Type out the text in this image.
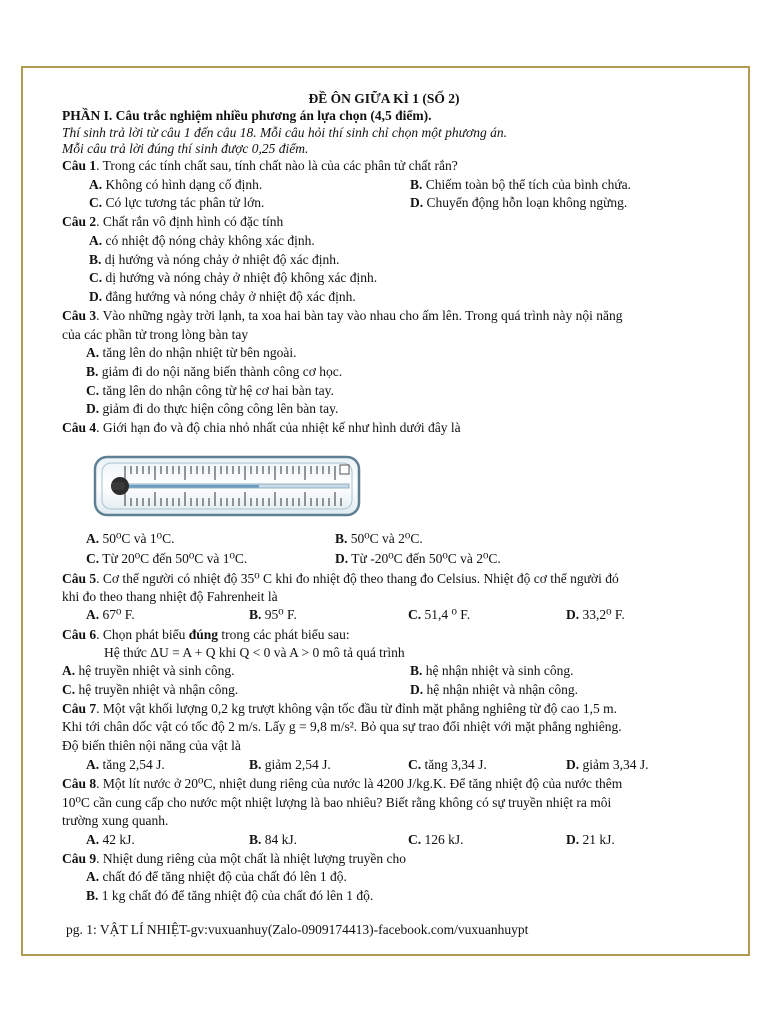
ĐỀ ÔN GIỮA KÌ 1 (SỐ 2)
PHẦN I. Câu trắc nghiệm nhiều phương án lựa chọn (4,5 điểm).
Thí sinh trả lời từ câu 1 đến câu 18. Mỗi câu hỏi thí sinh chỉ chọn một phương án.
Mỗi câu trả lời đúng thí sinh được 0,25 điểm.
Câu 1. Trong các tính chất sau, tính chất nào là của các phân tử chất rắn?
A. Không có hình dạng cố định.	B. Chiếm toàn bộ thể tích của bình chứa.
C. Có lực tương tác phân tử lớn.	D. Chuyển động hỗn loạn không ngừng.
Câu 2. Chất rắn vô định hình có đặc tính
A. có nhiệt độ nóng chảy không xác định.
B. dị hướng và nóng chảy ở nhiệt độ xác định.
C. dị hướng và nóng chảy ở nhiệt độ không xác định.
D. đẳng hướng và nóng chảy ở nhiệt độ xác định.
Câu 3. Vào những ngày trời lạnh, ta xoa hai bàn tay vào nhau cho ấm lên. Trong quá trình này nội năng
của các phần tử trong lòng bàn tay
A. tăng lên do nhận nhiệt từ bên ngoài.
B. giảm đi do nội năng biến thành công cơ học.
C. tăng lên do nhận công từ hệ cơ hai bàn tay.
D. giảm đi do thực hiện công công lên bàn tay.
Câu 4. Giới hạn đo và độ chia nhỏ nhất của nhiệt kế như hình dưới đây là
A. 50⁰C và 1⁰C.	B. 50⁰C và 2⁰C.
C. Từ 20⁰C đến 50⁰C và 1⁰C.	D. Từ -20⁰C đến 50⁰C và 2⁰C.
Câu 5. Cơ thể người có nhiệt độ 35⁰ C khi đo nhiệt độ theo thang đo Celsius. Nhiệt độ cơ thể người đó
khi đo theo thang nhiệt độ Fahrenheit là
A. 67⁰ F.	B. 95⁰ F.	C. 51,4 ⁰ F.	D. 33,2⁰ F.
Câu 6. Chọn phát biểu đúng trong các phát biểu sau:
Hệ thức ΔU = A + Q khi Q < 0 và A > 0 mô tả quá trình
A. hệ truyền nhiệt và sinh công.	B. hệ nhận nhiệt và sinh công.
C. hệ truyền nhiệt và nhận công.	D. hệ nhận nhiệt và nhận công.
Câu 7. Một vật khối lượng 0,2 kg trượt không vận tốc đầu từ đỉnh mặt phẳng nghiêng từ độ cao 1,5 m.
Khi tới chân dốc vật có tốc độ 2 m/s. Lấy g = 9,8 m/s². Bỏ qua sự trao đổi nhiệt với mặt phẳng nghiêng.
Độ biến thiên nội năng của vật là
A. tăng 2,54 J.	B. giảm 2,54 J.	C. tăng 3,34 J.	D. giảm 3,34 J.
Câu 8. Một lít nước ở 20⁰C, nhiệt dung riêng của nước là 4200 J/kg.K. Để tăng nhiệt độ của nước thêm
10⁰C cần cung cấp cho nước một nhiệt lượng là bao nhiêu? Biết rằng không có sự truyền nhiệt ra môi
trường xung quanh.
A. 42 kJ.	B. 84 kJ.	C. 126 kJ.	D. 21 kJ.
Câu 9. Nhiệt dung riêng của một chất là nhiệt lượng truyền cho
A. chất đó để tăng nhiệt độ của chất đó lên 1 độ.
B. 1 kg chất đó để tăng nhiệt độ của chất đó lên 1 độ.
pg. 1: VẬT LÍ NHIỆT-gv:vuxuanhuy(Zalo-0909174413)-facebook.com/vuxuanhuypt
